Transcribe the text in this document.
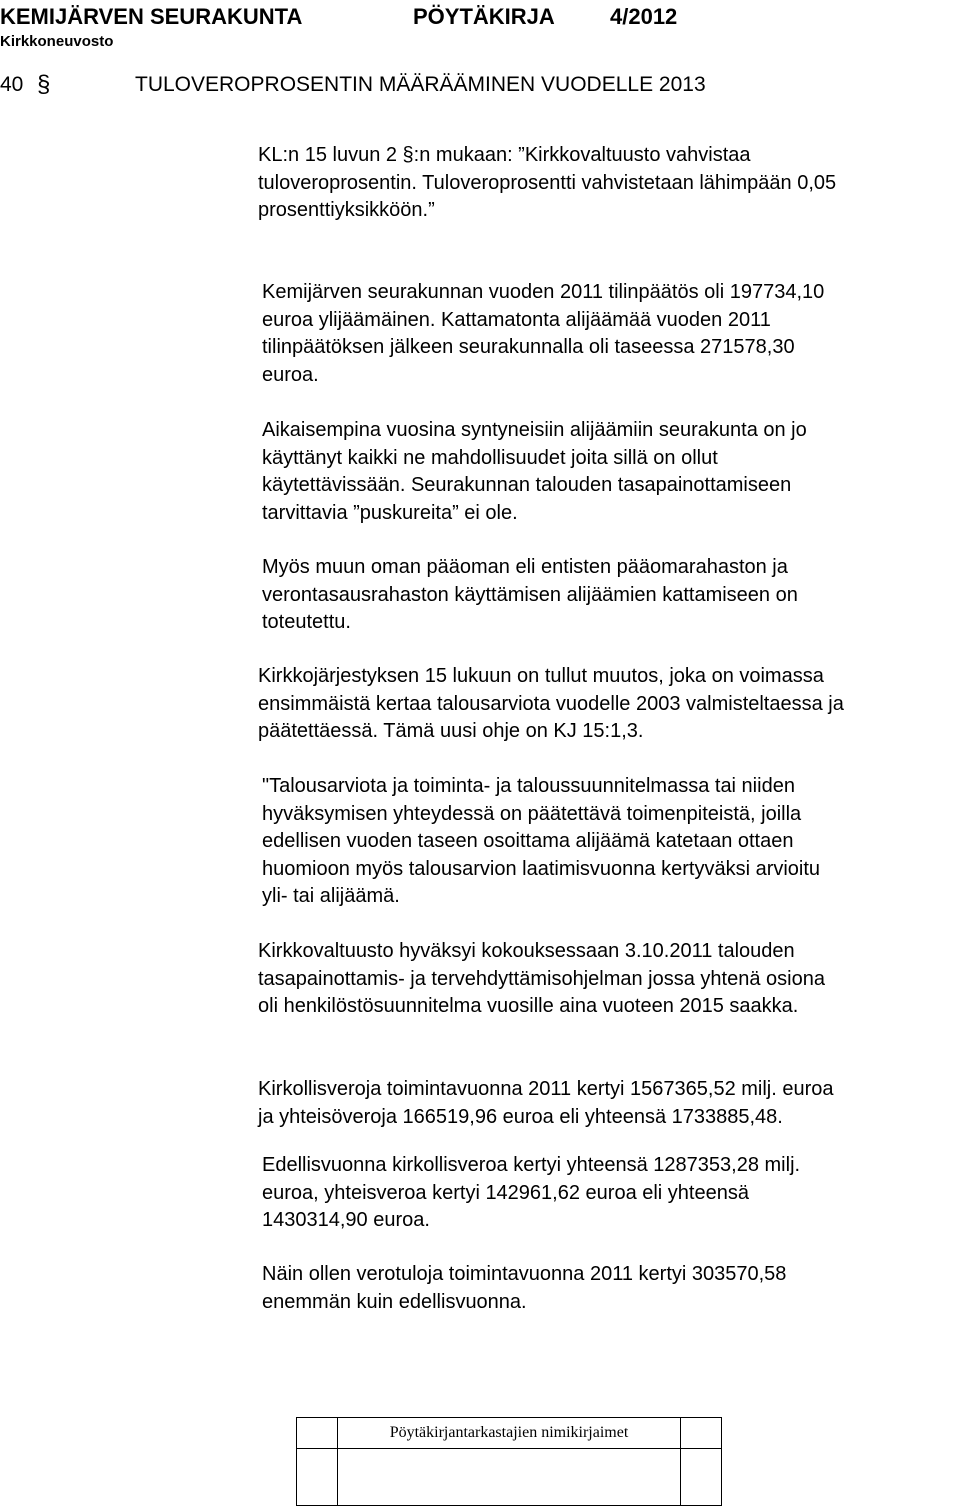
KEMIJÄRVEN SEURAKUNTA	PÖYTÄKIRJA	4/2012
Kirkkoneuvosto
40 §	TULOVEROPROSENTIN MÄÄRÄÄMINEN VUODELLE 2013
KL:n 15 luvun 2 §:n mukaan: ”Kirkkovaltuusto vahvistaa
tuloveroprosentin. Tuloveroprosentti vahvistetaan lähimpään 0,05
prosenttiyksikköön.”
Kemijärven seurakunnan vuoden 2011 tilinpäätös oli 197734,10
euroa ylijäämäinen. Kattamatonta alijäämää vuoden 2011
tilinpäätöksen jälkeen seurakunnalla oli taseessa 271578,30
euroa.
Aikaisempina vuosina syntyneisiin alijäämiin seurakunta on jo
käyttänyt kaikki ne mahdollisuudet joita sillä on ollut
käytettävissään. Seurakunnan talouden tasapainottamiseen
tarvittavia ”puskureita” ei ole.
Myös muun oman pääoman eli entisten pääomarahaston ja
verontasausrahaston käyttämisen alijäämien kattamiseen on
toteutettu.
Kirkkojärjestyksen 15 lukuun on tullut muutos, joka on voimassa
ensimmäistä kertaa talousarviota vuodelle 2003 valmisteltaessa ja
päätettäessä. Tämä uusi ohje on KJ 15:1,3.
"Talousarviota ja toiminta- ja taloussuunnitelmassa tai niiden
hyväksymisen yhteydessä on päätettävä toimenpiteistä, joilla
edellisen vuoden taseen osoittama alijäämä katetaan ottaen
huomioon myös talousarvion laatimisvuonna kertyväksi arvioitu
yli- tai alijäämä.
Kirkkovaltuusto hyväksyi kokouksessaan 3.10.2011 talouden
tasapainottamis- ja tervehdyttämisohjelman jossa yhtenä osiona
oli henkilöstösuunnitelma vuosille aina vuoteen 2015 saakka.
Kirkollisveroja toimintavuonna 2011 kertyi 1567365,52 milj. euroa
ja yhteisöveroja 166519,96 euroa eli yhteensä 1733885,48.
Edellisvuonna kirkollisveroa kertyi yhteensä 1287353,28 milj.
euroa, yhteisveroa kertyi 142961,62 euroa eli yhteensä
1430314,90 euroa.
Näin ollen verotuloja toimintavuonna 2011 kertyi 303570,58
enemmän kuin edellisvuonna.
	Pöytäkirjantarkastajien nimikirjaimet	
